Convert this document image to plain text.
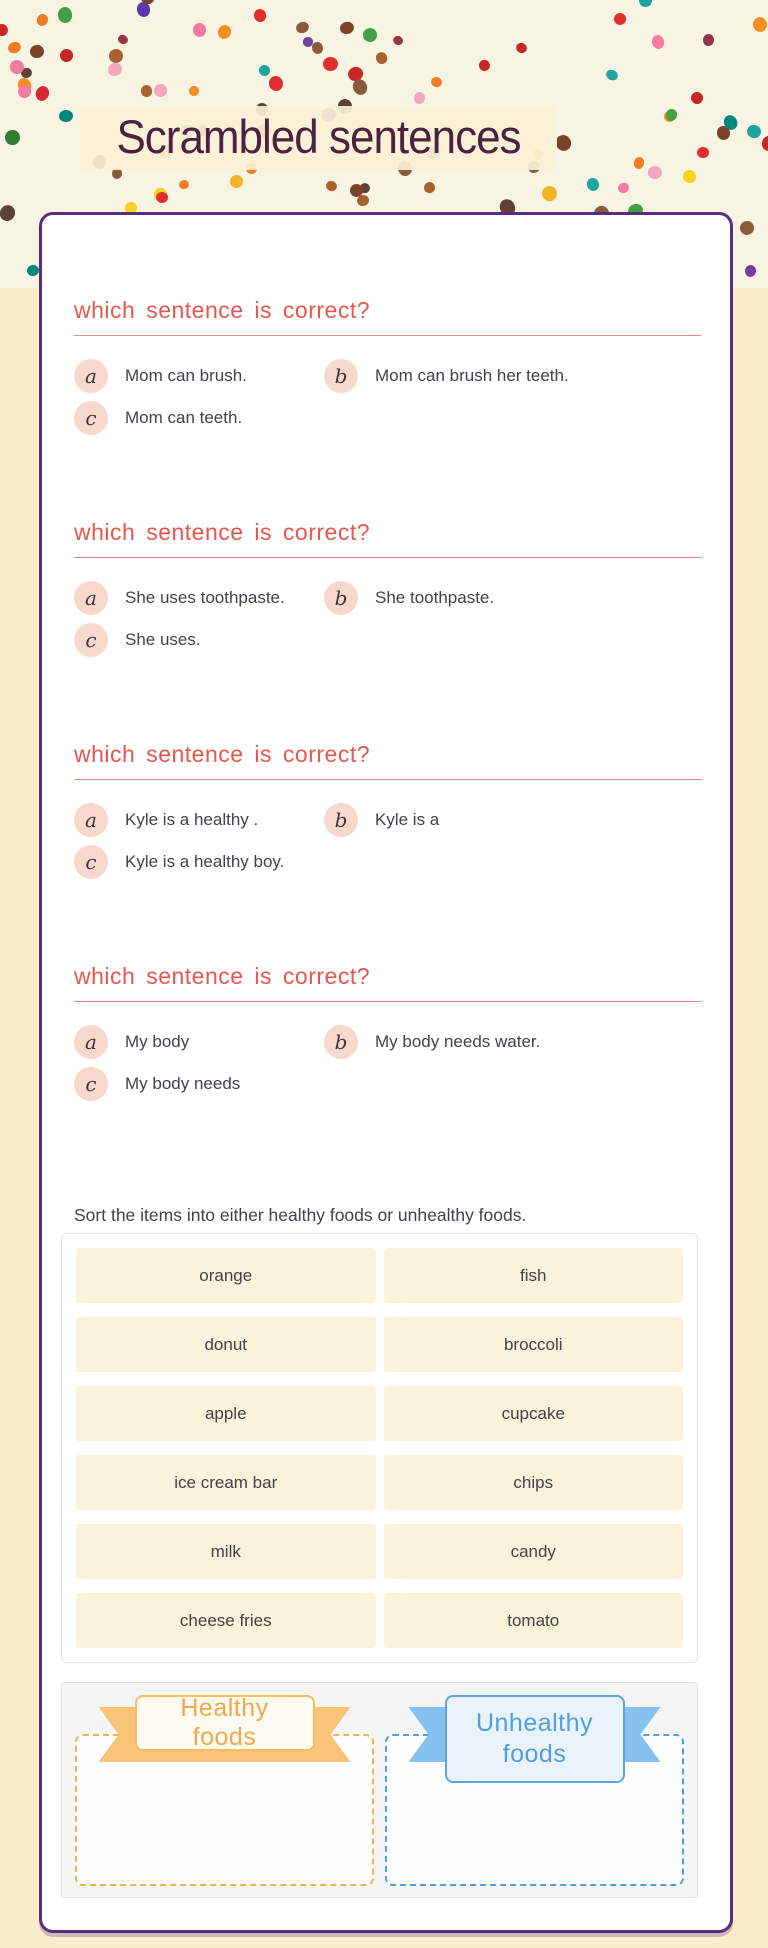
Scrambled sentences
which sentence is correct?
a	Mom can brush.	b	Mom can brush her teeth.
c	Mom can teeth.
which sentence is correct?
a	She uses toothpaste.	b	She toothpaste.
c	She uses.
which sentence is correct?
a	Kyle is a healthy .	b	Kyle is a
c	Kyle is a healthy boy.
which sentence is correct?
a	My body	b	My body needs water.
c	My body needs
Sort the items into either healthy foods or unhealthy foods.
orange	fish
donut	broccoli
apple	cupcake
ice cream bar	chips
milk	candy
cheese fries	tomato
Healthy foods
Unhealthy foods
